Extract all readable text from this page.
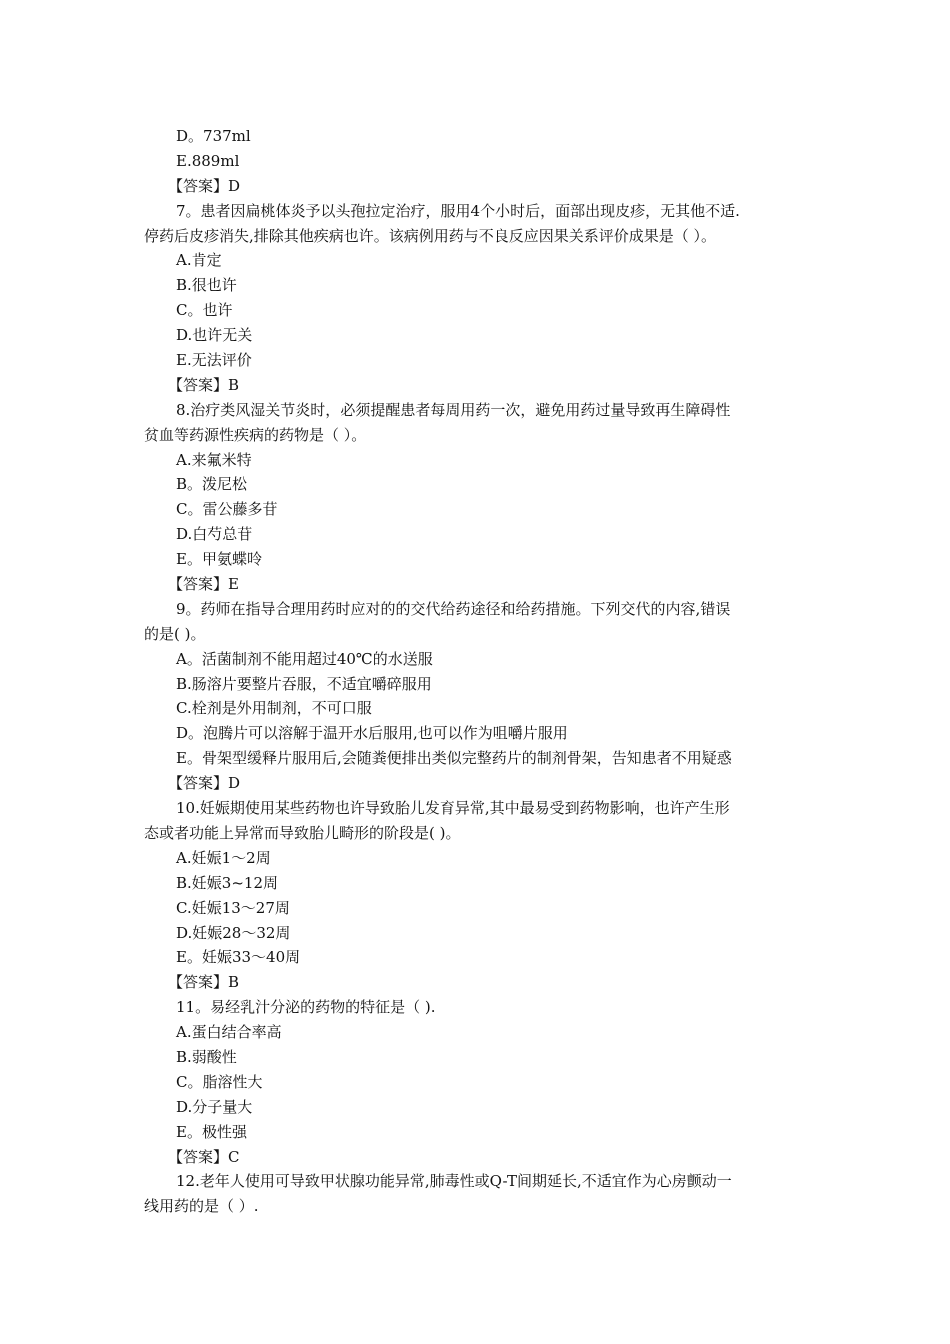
D。737ml
E.889ml
【答案】D
7。患者因扁桃体炎予以头孢拉定治疗，服用4个小时后，面部出现皮疹，无其他不适.
停药后皮疹消失,排除其他疾病也许。该病例用药与不良反应因果关系评价成果是（ ）。
A.肯定
B.很也许
C。也许
D.也许无关
E.无法评价
【答案】B
8.治疗类风湿关节炎时，必须提醒患者每周用药一次，避免用药过量导致再生障碍性
贫血等药源性疾病的药物是（ ）。
A.来氟米特
B。泼尼松
C。雷公藤多苷
D.白芍总苷
E。甲氨蝶呤
【答案】E
9。药师在指导合理用药时应对的的交代给药途径和给药措施。下列交代的内容,错误
的是( )。
A。活菌制剂不能用超过40℃的水送服
B.肠溶片要整片吞服，不适宜嚼碎服用
C.栓剂是外用制剂，不可口服
D。泡腾片可以溶解于温开水后服用,也可以作为咀嚼片服用
E。骨架型缓释片服用后,会随粪便排出类似完整药片的制剂骨架，告知患者不用疑惑
【答案】D
10.妊娠期使用某些药物也许导致胎儿发育异常,其中最易受到药物影响，也许产生形
态或者功能上异常而导致胎儿畸形的阶段是( )。
A.妊娠1～2周
B.妊娠3~12周
C.妊娠13～27周
D.妊娠28～32周
E。妊娠33～40周
【答案】B
11。易经乳汁分泌的药物的特征是（ ).
A.蛋白结合率高
B.弱酸性
C。脂溶性大
D.分子量大
E。极性强
【答案】C
12.老年人使用可导致甲状腺功能异常,肺毒性或Q-T间期延长,不适宜作为心房颤动一
线用药的是（ ）.
